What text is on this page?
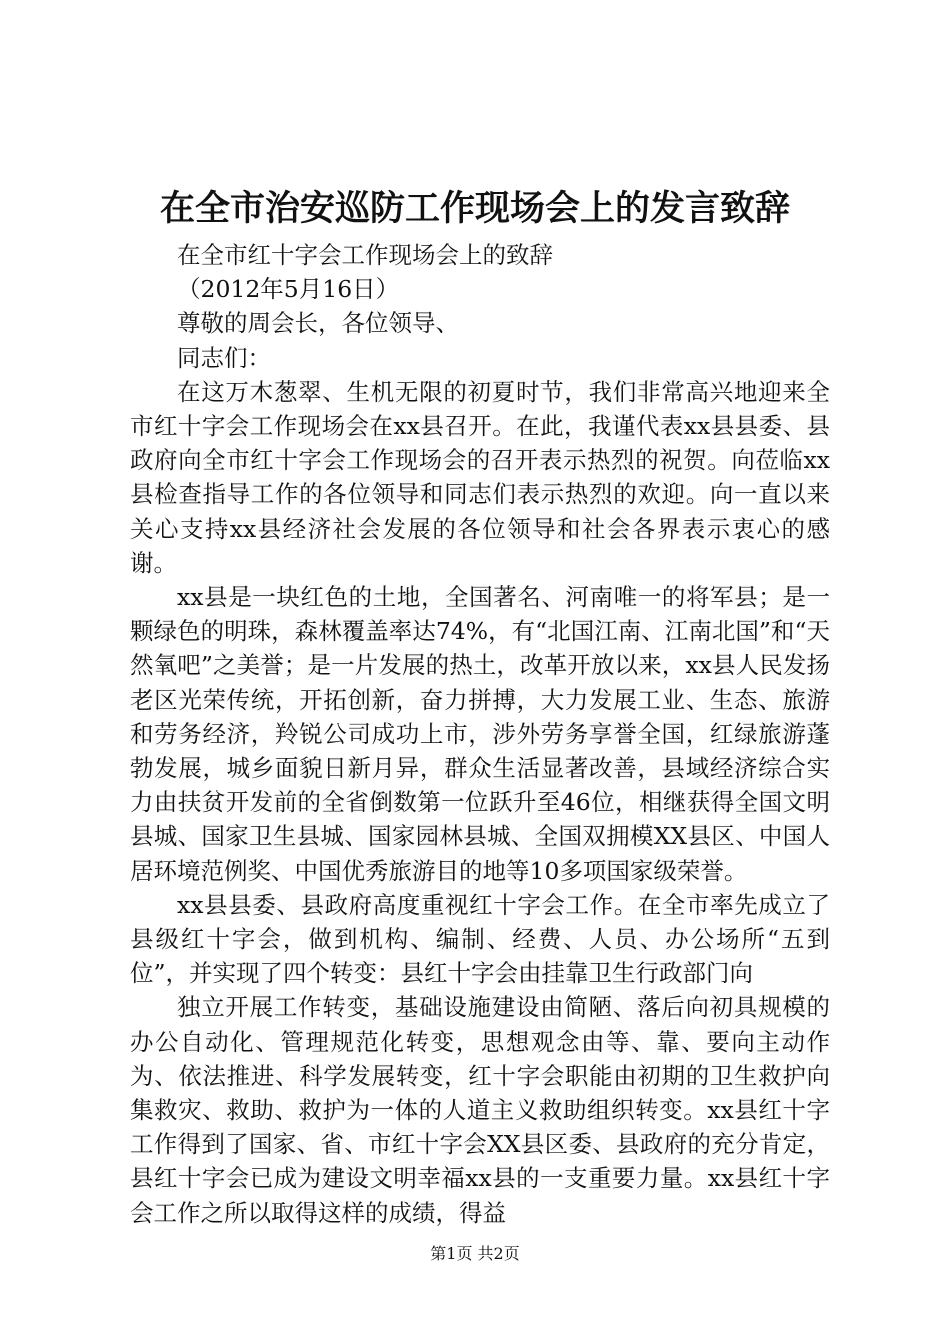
在全市治安巡防工作现场会上的发言致辞
在全市红十字会工作现场会上的致辞
（2012年5月16日）
尊敬的周会长，各位领导、
同志们：
在这万木葱翠、生机无限的初夏时节，我们非常高兴地迎来全市红十字会工作现场会在xx县召开。在此，我谨代表xx县县委、县政府向全市红十字会工作现场会的召开表示热烈的祝贺。向莅临xx县检查指导工作的各位领导和同志们表示热烈的欢迎。向一直以来关心支持xx县经济社会发展的各位领导和社会各界表示衷心的感谢。
xx县是一块红色的土地，全国著名、河南唯一的将军县；是一颗绿色的明珠，森林覆盖率达74%，有“北国江南、江南北国”和“天然氧吧”之美誉；是一片发展的热土，改革开放以来，xx县人民发扬老区光荣传统，开拓创新，奋力拼搏，大力发展工业、生态、旅游和劳务经济，羚锐公司成功上市，涉外劳务享誉全国，红绿旅游蓬勃发展，城乡面貌日新月异，群众生活显著改善，县域经济综合实力由扶贫开发前的全省倒数第一位跃升至46位，相继获得全国文明县城、国家卫生县城、国家园林县城、全国双拥模XX县区、中国人居环境范例奖、中国优秀旅游目的地等10多项国家级荣誉。
xx县县委、县政府高度重视红十字会工作。在全市率先成立了县级红十字会，做到机构、编制、经费、人员、办公场所“五到位”，并实现了四个转变：县红十字会由挂靠卫生行政部门向
独立开展工作转变，基础设施建设由简陋、落后向初具规模的办公自动化、管理规范化转变，思想观念由等、靠、要向主动作为、依法推进、科学发展转变，红十字会职能由初期的卫生救护向集救灾、救助、救护为一体的人道主义救助组织转变。xx县红十字工作得到了国家、省、市红十字会XX县区委、县政府的充分肯定，县红十字会已成为建设文明幸福xx县的一支重要力量。xx县红十字会工作之所以取得这样的成绩，得益
第1页 共2页
